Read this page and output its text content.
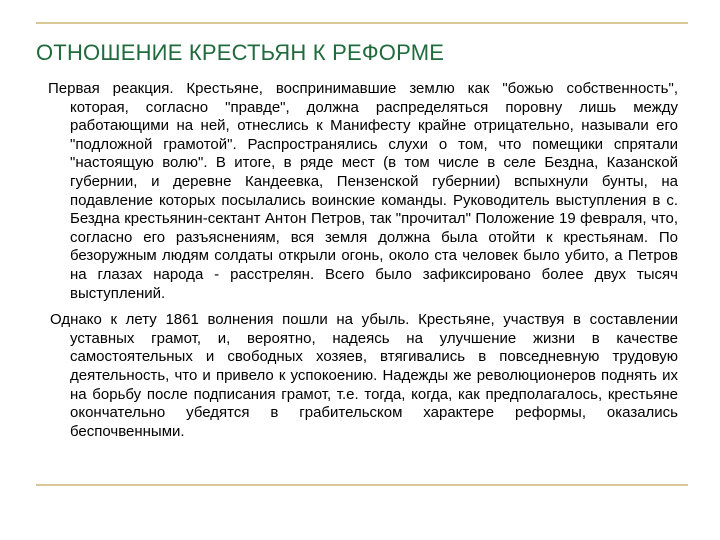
ОТНОШЕНИЕ КРЕСТЬЯН К РЕФОРМЕ

Первая реакция. Крестьяне, воспринимавшие землю как "божью собственность", которая, согласно "правде", должна распределяться поровну лишь между работающими на ней, отнеслись к Манифесту крайне отрицательно, называли его "подложной грамотой". Распространялись слухи о том, что помещики спрятали "настоящую волю". В итоге, в ряде мест (в том числе в селе Бездна, Казанской губернии, и деревне Кандеевка, Пензенской губернии) вспыхнули бунты, на подавление которых посылались воинские команды. Руководитель выступления в с. Бездна крестьянин-сектант Антон Петров, так "прочитал" Положение 19 февраля, что, согласно его разъяснениям, вся земля должна была отойти к крестьянам. По безоружным людям солдаты открыли огонь, около ста человек было убито, а Петров на глазах народа - расстрелян. Всего было зафиксировано более двух тысяч выступлений.

Однако к лету 1861 волнения пошли на убыль. Крестьяне, участвуя в составлении уставных грамот, и, вероятно, надеясь на улучшение жизни в качестве самостоятельных и свободных хозяев, втягивались в повседневную трудовую деятельность, что и привело к успокоению. Надежды же революционеров поднять их на борьбу после подписания грамот, т.е. тогда, когда, как предполагалось, крестьяне окончательно убедятся в грабительском характере реформы, оказались беспочвенными.
